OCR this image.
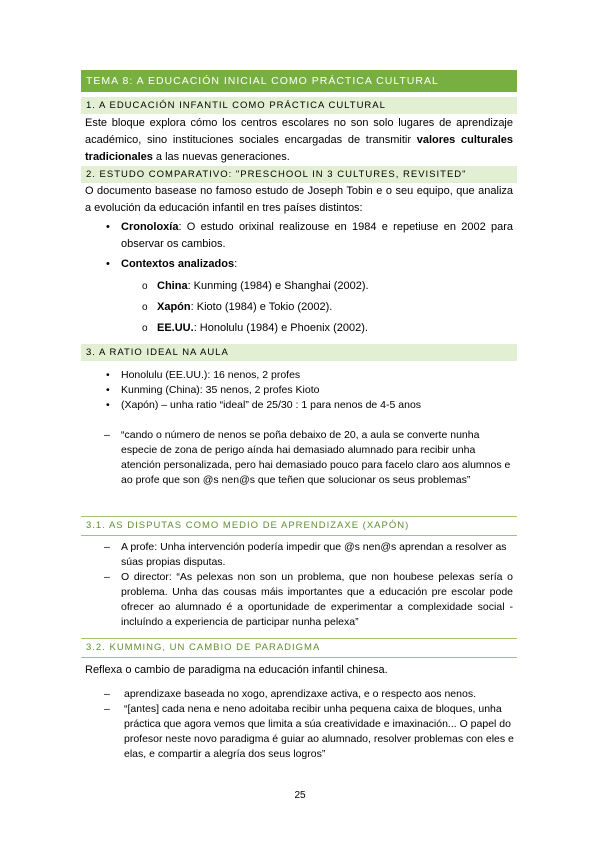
TEMA 8: A EDUCACIÓN INICIAL COMO PRÁCTICA CULTURAL
1. A EDUCACIÓN INFANTIL COMO PRÁCTICA CULTURAL
Este bloque explora cómo los centros escolares no son solo lugares de aprendizaje académico, sino instituciones sociales encargadas de transmitir valores culturales tradicionales a las nuevas generaciones.
2. ESTUDO COMPARATIVO: "PRESCHOOL IN 3 CULTURES, REVISITED"
O documento basease no famoso estudo de Joseph Tobin e o seu equipo, que analiza a evolución da educación infantil en tres países distintos:
• Cronoloxía: O estudo orixinal realizouse en 1984 e repetiuse en 2002 para observar os cambios.
• Contextos analizados:
o China: Kunming (1984) e Shanghai (2002).
o Xapón: Kioto (1984) e Tokio (2002).
o EE.UU.: Honolulu (1984) e Phoenix (2002).
3. A RATIO IDEAL NA AULA
• Honolulu (EE.UU.): 16 nenos, 2 profes
• Kunming (China): 35 nenos, 2 profes Kioto
• (Xapón) – unha ratio “ideal” de 25/30 : 1 para nenos de 4-5 anos
– “cando o número de nenos se poña debaixo de 20, a aula se converte nunha especie de zona de perigo aínda hai demasiado alumnado para recibir unha atención personalizada, pero hai demasiado pouco para facelo claro aos alumnos e ao profe que son @s nen@s que teñen que solucionar os seus problemas”
3.1. AS DISPUTAS COMO MEDIO DE APRENDIZAXE (XAPÓN)
– A profe: Unha intervención podería impedir que @s nen@s aprendan a resolver as súas propias disputas.
– O director: “As pelexas non son un problema, que non houbese pelexas sería o problema. Unha das cousas máis importantes que a educación pre escolar pode ofrecer ao alumnado é a oportunidade de experimentar a complexidade social - incluíndo a experiencia de participar nunha pelexa”
3.2. KUMMING, UN CAMBIO DE PARADIGMA
Reflexa o cambio de paradigma na educación infantil chinesa.
– aprendizaxe baseada no xogo, aprendizaxe activa, e o respecto aos nenos.
– “[antes] cada nena e neno adoitaba recibir unha pequena caixa de bloques, unha práctica que agora vemos que limita a súa creatividade e imaxinación... O papel do profesor neste novo paradigma é guiar ao alumnado, resolver problemas con eles e elas, e compartir a alegría dos seus logros”
25
